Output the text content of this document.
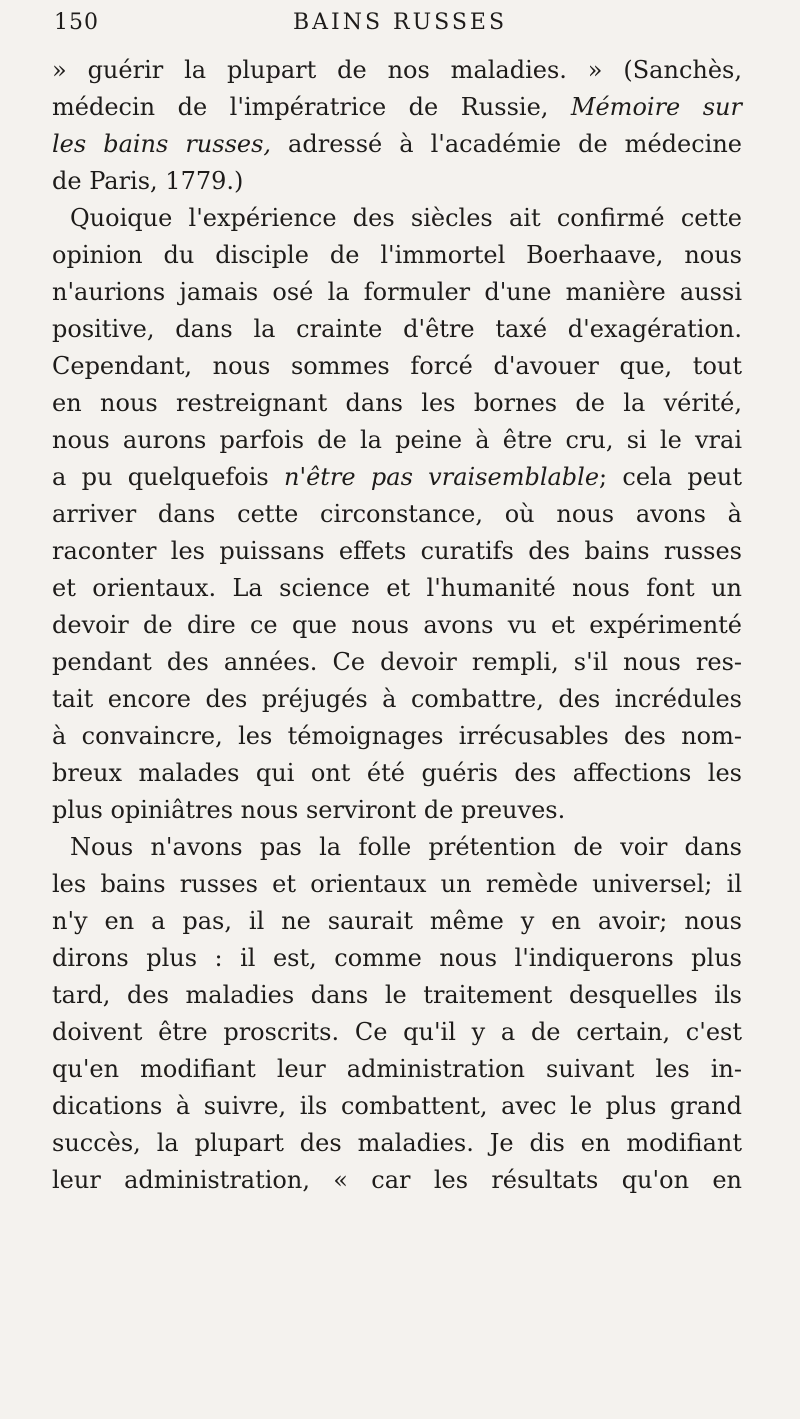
150	BAINS RUSSES
» guérir la plupart de nos maladies. » (Sanchès,
médecin de l'impératrice de Russie, Mémoire sur
les bains russes, adressé à l'académie de médecine
de Paris, 1779.)
Quoique l'expérience des siècles ait confirmé cette
opinion du disciple de l'immortel Boerhaave, nous
n'aurions jamais osé la formuler d'une manière aussi
positive, dans la crainte d'être taxé d'exagération.
Cependant, nous sommes forcé d'avouer que, tout
en nous restreignant dans les bornes de la vérité,
nous aurons parfois de la peine à être cru, si le vrai
a pu quelquefois n'être pas vraisemblable; cela peut
arriver dans cette circonstance, où nous avons à
raconter les puissans effets curatifs des bains russes
et orientaux. La science et l'humanité nous font un
devoir de dire ce que nous avons vu et expérimenté
pendant des années. Ce devoir rempli, s'il nous res-
tait encore des préjugés à combattre, des incrédules
à convaincre, les témoignages irrécusables des nom-
breux malades qui ont été guéris des affections les
plus opiniâtres nous serviront de preuves.
Nous n'avons pas la folle prétention de voir dans
les bains russes et orientaux un remède universel; il
n'y en a pas, il ne saurait même y en avoir; nous
dirons plus : il est, comme nous l'indiquerons plus
tard, des maladies dans le traitement desquelles ils
doivent être proscrits. Ce qu'il y a de certain, c'est
qu'en modifiant leur administration suivant les in-
dications à suivre, ils combattent, avec le plus grand
succès, la plupart des maladies. Je dis en modifiant
leur administration, « car les résultats qu'on en
